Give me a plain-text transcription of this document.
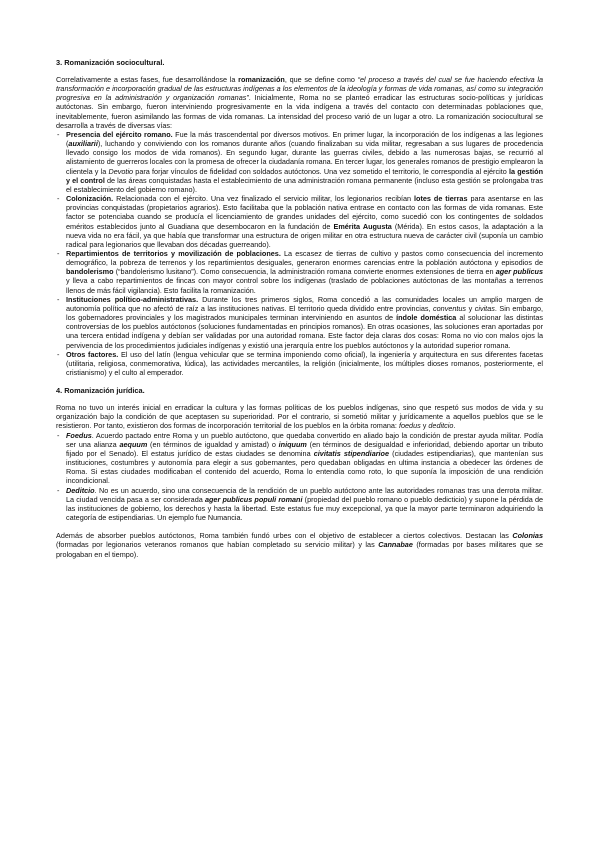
3. Romanización sociocultural.

Correlativamente a estas fases, fue desarrollándose la romanización, que se define como “el proceso a través del cual se fue haciendo efectiva la transformación e incorporación gradual de las estructuras indígenas a los elementos de la ideología y formas de vida romanas, así como su integración progresiva en la administración y organización romanas”. Inicialmente, Roma no se planteó erradicar las estructuras socio-políticas y jurídicas autóctonas. Sin embargo, fueron interviniendo progresivamente en la vida indígena a través del contacto con determinadas poblaciones que, inevitablemente, fueron asimilando las formas de vida romanas. La intensidad del proceso varió de un lugar a otro. La romanización sociocultural se desarrolla a través de diversas vías:

- Presencia del ejército romano. Fue la más trascendental por diversos motivos. En primer lugar, la incorporación de los indígenas a las legiones (auxiliarii), luchando y conviviendo con los romanos durante años (cuando finalizaban su vida militar, regresaban a sus lugares de procedencia llevado consigo los modos de vida romanos). En segundo lugar, durante las guerras civiles, debido a las numerosas bajas, se recurrió al alistamiento de guerreros locales con la promesa de ofrecer la ciudadanía romana. En tercer lugar, los generales romanos de prestigio emplearon la clientela y la Devotio para forjar vínculos de fidelidad con soldados autóctonos. Una vez sometido el territorio, le correspondía al ejército la gestión y el control de las áreas conquistadas hasta el establecimiento de una administración romana permanente (incluso esta gestión se prolongaba tras el establecimiento del gobierno romano).
- Colonización. Relacionada con el ejército. Una vez finalizado el servicio militar, los legionarios recibían lotes de tierras para asentarse en las provincias conquistadas (propietarios agrarios). Esto facilitaba que la población nativa entrase en contacto con las formas de vida romanas. Este factor se potenciaba cuando se producía el licenciamiento de grandes unidades del ejército, como sucedió con los contingentes de soldados eméritos establecidos junto al Guadiana que desembocaron en la fundación de Emérita Augusta (Mérida). En estos casos, la adaptación a la nueva vida no era fácil, ya que había que transformar una estructura de origen militar en otra estructura nueva de carácter civil (suponía un cambio radical para legionarios que llevaban dos décadas guerreando).
- Repartimientos de territorios y movilización de poblaciones. La escasez de tierras de cultivo y pastos como consecuencia del incremento demográfico, la pobreza de terrenos y los repartimientos desiguales, generaron enormes carencias entre la población autóctona y episodios de bandolerismo (“bandolerismo lusitano”). Como consecuencia, la administración romana convierte enormes extensiones de tierra en ager publicus y lleva a cabo repartimientos de fincas con mayor control sobre los indígenas (traslado de poblaciones autóctonas de las montañas a terrenos llenos de más fácil vigilancia). Esto facilita la romanización.
- Instituciones político-administrativas. Durante los tres primeros siglos, Roma concedió a las comunidades locales un amplio margen de autonomía política que no afectó de raíz a las instituciones nativas. El territorio queda dividido entre provincias, conventus y civitas. Sin embargo, los gobernadores provinciales y los magistrados municipales terminan interviniendo en asuntos de índole doméstica al solucionar las distintas controversias de los pueblos autóctonos (soluciones fundamentadas en principios romanos). En otras ocasiones, las soluciones eran aportadas por una tercera entidad indígena y debían ser validadas por una autoridad romana. Este factor deja claras dos cosas: Roma no vio con malos ojos la pervivencia de los procedimientos judiciales indígenas y existió una jerarquía entre los pueblos autóctonos y la autoridad superior romana.
- Otros factores. El uso del latín (lengua vehicular que se termina imponiendo como oficial), la ingeniería y arquitectura en sus diferentes facetas (utilitaria, religiosa, conmemorativa, lúdica), las actividades mercantiles, la religión (inicialmente, los múltiples dioses romanos, posteriormente, el cristianismo) y el culto al emperador.
4. Romanización jurídica.

Roma no tuvo un interés inicial en erradicar la cultura y las formas políticas de los pueblos indígenas, sino que respetó sus modos de vida y su organización bajo la condición de que aceptasen su superioridad. Por el contrario, si sometió militar y jurídicamente a aquellos pueblos que se le resistieron. Por tanto, existieron dos formas de incorporación territorial de los pueblos en la órbita romana: foedus y deditcio.

- Foedus. Acuerdo pactado entre Roma y un pueblo autóctono, que quedaba convertido en aliado bajo la condición de prestar ayuda militar. Podía ser una alianza aequum (en términos de igualdad y amistad) o iniquum (en términos de desigualdad e inferioridad, debiendo aportar un tributo fijado por el Senado). El estatus jurídico de estas ciudades se denomina civitatis stipendiarioe (ciudades estipendiarias), que mantenían sus instituciones, costumbres y autonomía para elegir a sus gobernantes, pero quedaban obligadas en ultima instancia a obedecer las órdenes de Roma. Si estas ciudades modificaban el contenido del acuerdo, Roma lo entendía como roto, lo que suponía la imposición de una rendición incondicional.
- Deditcio. No es un acuerdo, sino una consecuencia de la rendición de un pueblo autóctono ante las autoridades romanas tras una derrota militar. La ciudad vencida pasa a ser considerada ager publicus populi romani (propiedad del pueblo romano o pueblo dedicticio) y supone la pérdida de las instituciones de gobierno, los derechos y hasta la libertad. Este estatus fue muy excepcional, ya que la mayor parte terminaron adquiriendo la categoría de estipendiarias. Un ejemplo fue Numancia.

Además de absorber pueblos autóctonos, Roma también fundó urbes con el objetivo de establecer a ciertos colectivos. Destacan las Colonias (formadas por legionarios veteranos romanos que habían completado su servicio militar) y las Cannabae (formadas por bases militares que se prologaban en el tiempo).
